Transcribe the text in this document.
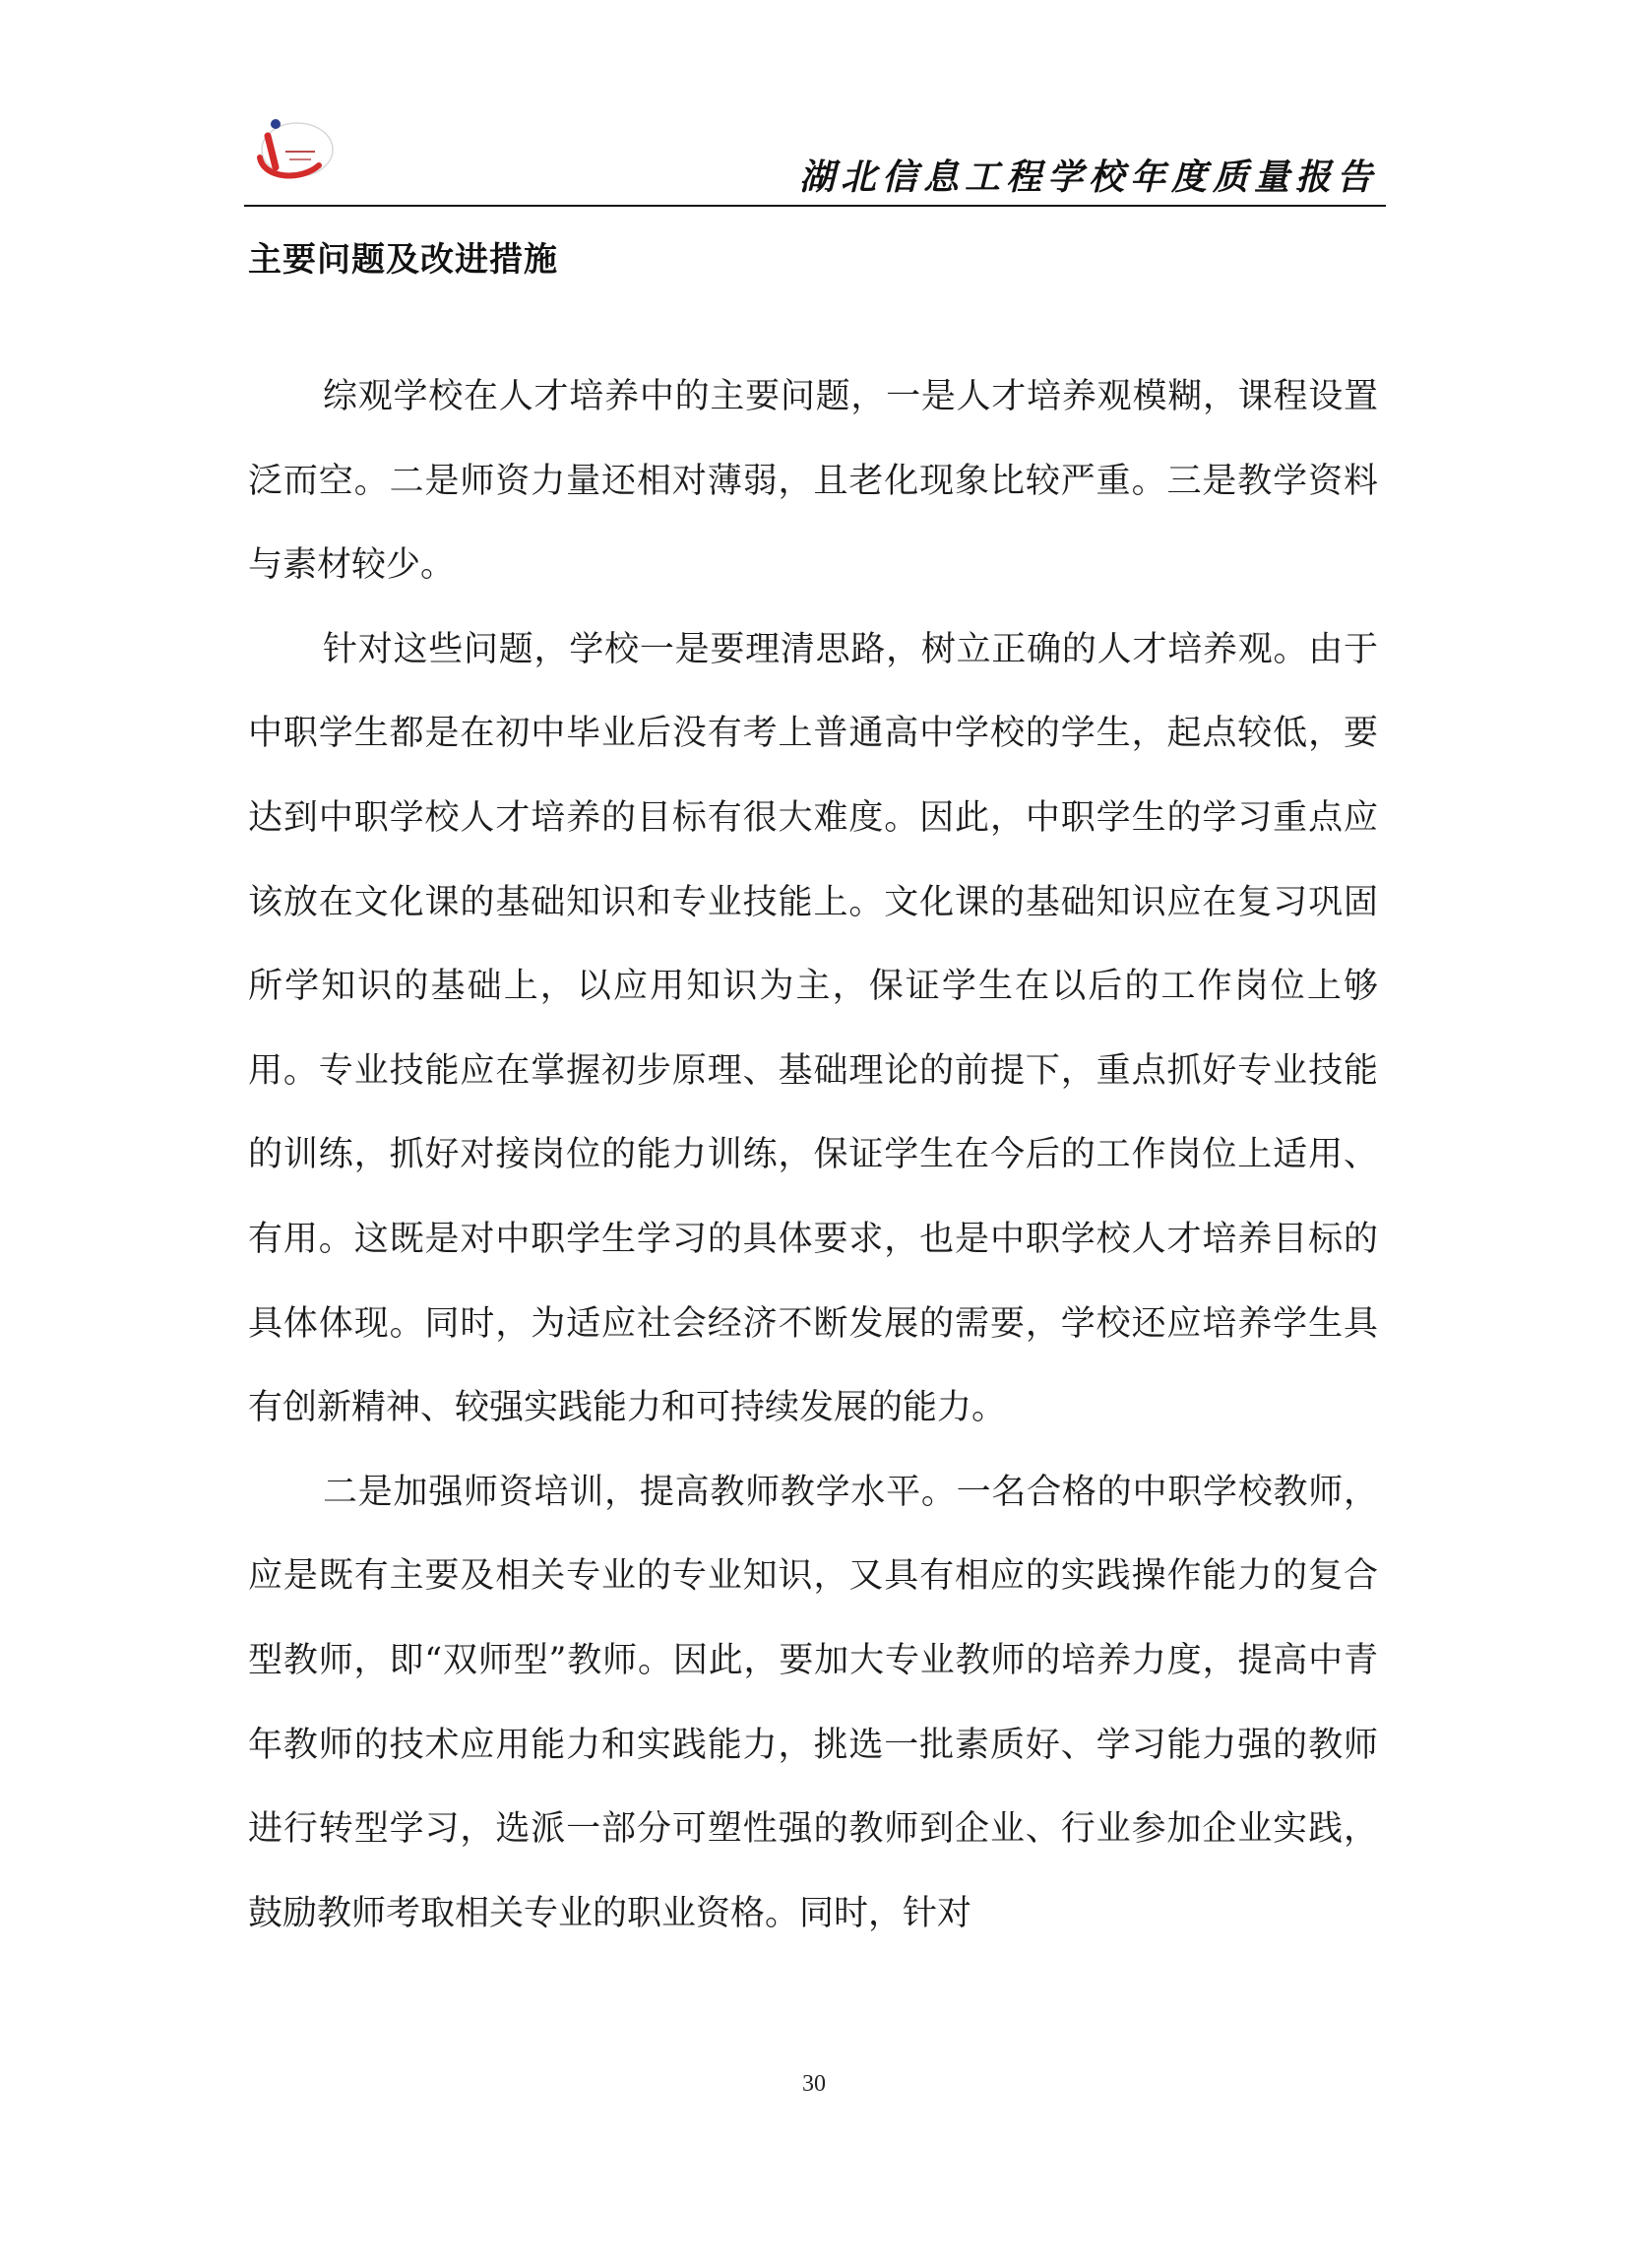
湖北信息工程学校年度质量报告
主要问题及改进措施

综观学校在人才培养中的主要问题，一是人才培养观模糊，课程设置泛而空。二是师资力量还相对薄弱，且老化现象比较严重。三是教学资料与素材较少。

针对这些问题，学校一是要理清思路，树立正确的人才培养观。由于中职学生都是在初中毕业后没有考上普通高中学校的学生，起点较低，要达到中职学校人才培养的目标有很大难度。因此，中职学生的学习重点应该放在文化课的基础知识和专业技能上。文化课的基础知识应在复习巩固所学知识的基础上，以应用知识为主，保证学生在以后的工作岗位上够用。专业技能应在掌握初步原理、基础理论的前提下，重点抓好专业技能的训练，抓好对接岗位的能力训练，保证学生在今后的工作岗位上适用、有用。这既是对中职学生学习的具体要求，也是中职学校人才培养目标的具体体现。同时，为适应社会经济不断发展的需要，学校还应培养学生具有创新精神、较强实践能力和可持续发展的能力。

二是加强师资培训，提高教师教学水平。一名合格的中职学校教师，应是既有主要及相关专业的专业知识，又具有相应的实践操作能力的复合型教师，即“双师型”教师。因此，要加大专业教师的培养力度，提高中青年教师的技术应用能力和实践能力，挑选一批素质好、学习能力强的教师进行转型学习，选派一部分可塑性强的教师到企业、行业参加企业实践，鼓励教师考取相关专业的职业资格。同时，针对

30
